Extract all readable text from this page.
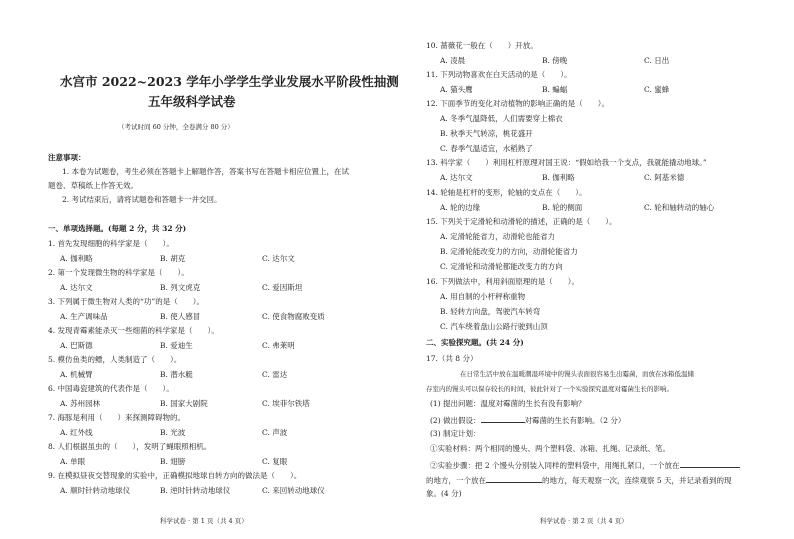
水宫市 2022~2023 学年小学学生学业发展水平阶段性抽测
五年级科学试卷
（考试时间 60 分钟，全卷满分 80 分）
注意事项：
1. 本卷为试题卷，考生必须在答题卡上解题作答，答案书写在答题卡相应位置上，在试
题卷、草稿纸上作答无效。
2. 考试结束后，请将试题卷和答题卡一并交回。
一、单项选择题。(每题 2 分，共 32 分)
1. 首先发现细胞的科学家是（　　）。
A. 伽利略	B. 胡克	C. 达尔文
2. 第一个发现微生物的科学家是（　　）。
A. 达尔文	B. 列文虎克	C. 爱因斯坦
3. 下列属于微生物对人类的“功”的是（　　）。
A. 生产调味品	B. 使人感冒	C. 使食物腐败变质
4. 发现青霉素能杀灭一些细菌的科学家是（　　）。
A. 巴斯德	B. 爱迪生	C. 弗莱明
5. 模仿鱼类的鳔，人类制造了（　　）。
A. 机械臂	B. 潜水艇	C. 雷达
6. 中国毒瓷建筑的代表作是（　　）。
A. 苏州园林	B. 国家大剧院	C. 埃菲尔铁塔
7. 海豚是利用（　　）来探测障碍物的。
A. 红外线	B. 光波	C. 声波
8. 人们根据虽虫的（　　），发明了蝇眼照相机。
A. 单眼	B. 翅膀	C. 复眼
9. 在模拟昼夜交替现象的实验中，正确模拟地球自转方向的做法是（　　）。
A. 顺时针转动地球仪	B. 逆时针转动地球仪	C. 来回转动地球仪
科学试卷 · 第 1 页（共 4 页）
10. 蔷薇花一般在（　　）开放。
A. 凌晨	B. 傍晚	C. 日出
11. 下列动物喜欢在白天活动的是（　　）。
A. 猫头鹰	B. 蝙蝠	C. 蜜蜂
12. 下面季节的变化对动植物的影响正确的是（　　）。
A. 冬季气温降低，人们需要穿上棉衣
B. 秋季天气转凉，桃花盛开
C. 春季气温适宜，水稻熟了
13. 科学家（　　）利用杠杆原理对国王说：“假如给我一个支点，我就能撬动地球。”
A. 达尔文	B. 伽利略	C. 阿基米德
14. 轮轴是杠杆的变形，轮轴的支点在（　　）。
A. 轮的边缘	B. 轮的侧面	C. 轮和轴转动的轴心
15. 下列关于定滑轮和动滑轮的描述，正确的是（　　）。
A. 定滑轮能省力，动滑轮也能省力
B. 定滑轮能改变力的方向，动滑轮能省力
C. 定滑轮和动滑轮都能改变力的方向
16. 下列做法中，利用斜面原理的是（　　）。
A. 用自制的小杆秤称重物
B. 轻转方向盘，驾驶汽车转弯
C. 汽车绕着盘山公路行驶到山顶
二、实验探究题。(共 24 分)
17.（共 8 分）
在日常生活中放在温暖潮湿环境中的馒头表面很容易生出霉菌，而放在冰箱低温储
存室内的馒头可以保存较长的时间，彼此针对了一个实验探究温度对霉菌生长的影响。
(1) 提出问题：温度对霉菌的生长有没有影响？
(2) 做出假设：	对霉菌的生长有影响。（2 分）
(3) 制定计划：
①实验材料：两个相同的馒头、两个塑料袋、冰箱、扎绳、记录纸、笔。
②实验步骤：把 2 个馒头分别装入同样的塑料袋中，用绳扎紧口，一个放在
的地方，一个放在	的地方，每天观察一次，连续观察 5 天，并记录看到的现
象。(4 分)
科学试卷 · 第 2 页（共 4 页）
